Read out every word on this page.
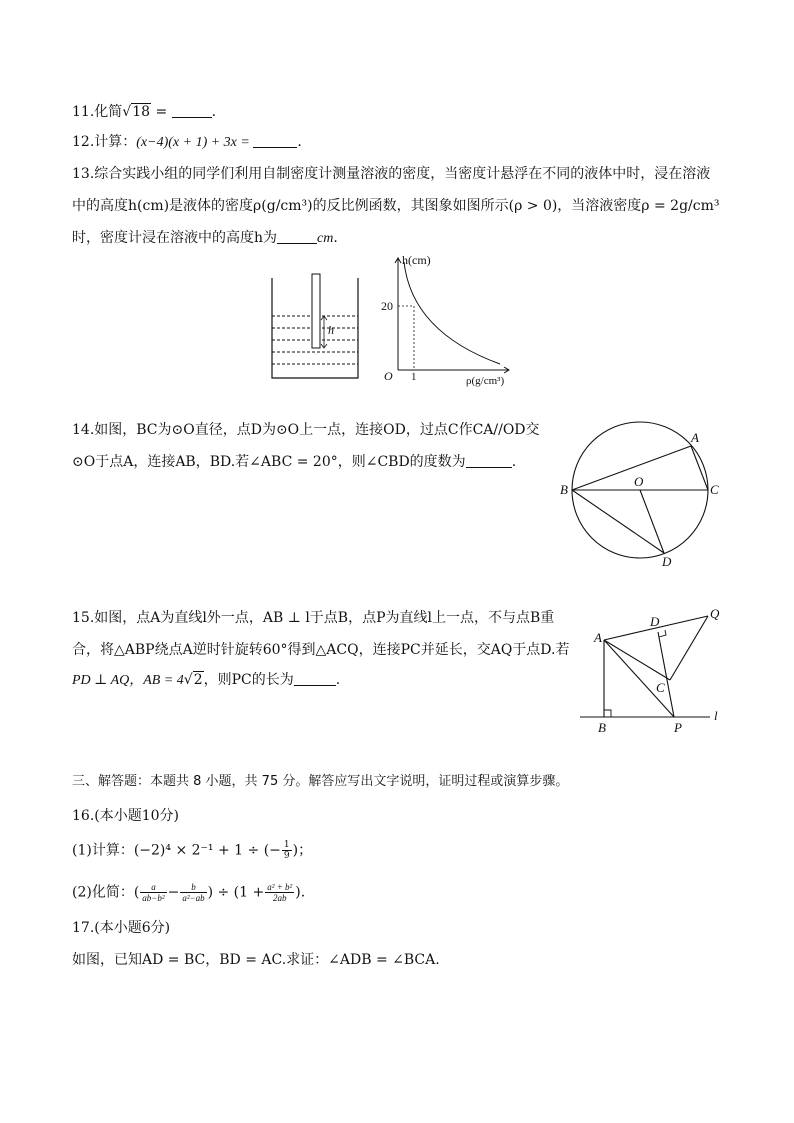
11.化简√18 =	.
12.计算：(x−4)(x + 1) + 3x =	.
13.综合实践小组的同学们利用自制密度计测量溶液的密度，当密度计悬浮在不同的液体中时，浸在溶液
中的高度h(cm)是液体的密度ρ(g/cm³)的反比例函数，其图象如图所示(ρ > 0)，当溶液密度ρ = 2g/cm³
时，密度计浸在溶液中的高度h为	cm.
h
h(cm)
20
1
O	ρ(g/cm³)
14.如图，BC为⊙O直径，点D为⊙O上一点，连接OD，过点C作CA//OD交
⊙O于点A，连接AB，BD.若∠ABC = 20°，则∠CBD的度数为	.
A
B	C
O
D
15.如图，点A为直线l外一点，AB ⊥ l于点B，点P为直线l上一点，不与点B重
合，将△ABP绕点A逆时针旋转60°得到△ACQ，连接PC并延长，交AQ于点D.若
PD ⊥ AQ，AB = 4√2，则PC的长为	.
A
B
C
D
P
Q
l
三、解答题：本题共 8 小题，共 75 分。解答应写出文字说明，证明过程或演算步骤。
16.(本小题10分)
(1)计算：(−2)⁴ × 2⁻¹ + 1 ÷ (− $\frac{1}{9}$ )；
(2)化简：( $\frac{a}{\text{ab−b²}} - \frac{b}{\text{a²−ab}}$ ) ÷ ($1 + \frac{\text{a² + b²}}{2ab}$ ).
17.(本小题6分)
如图，已知AD = BC，BD = AC.求证：∠ADB = ∠BCA.
